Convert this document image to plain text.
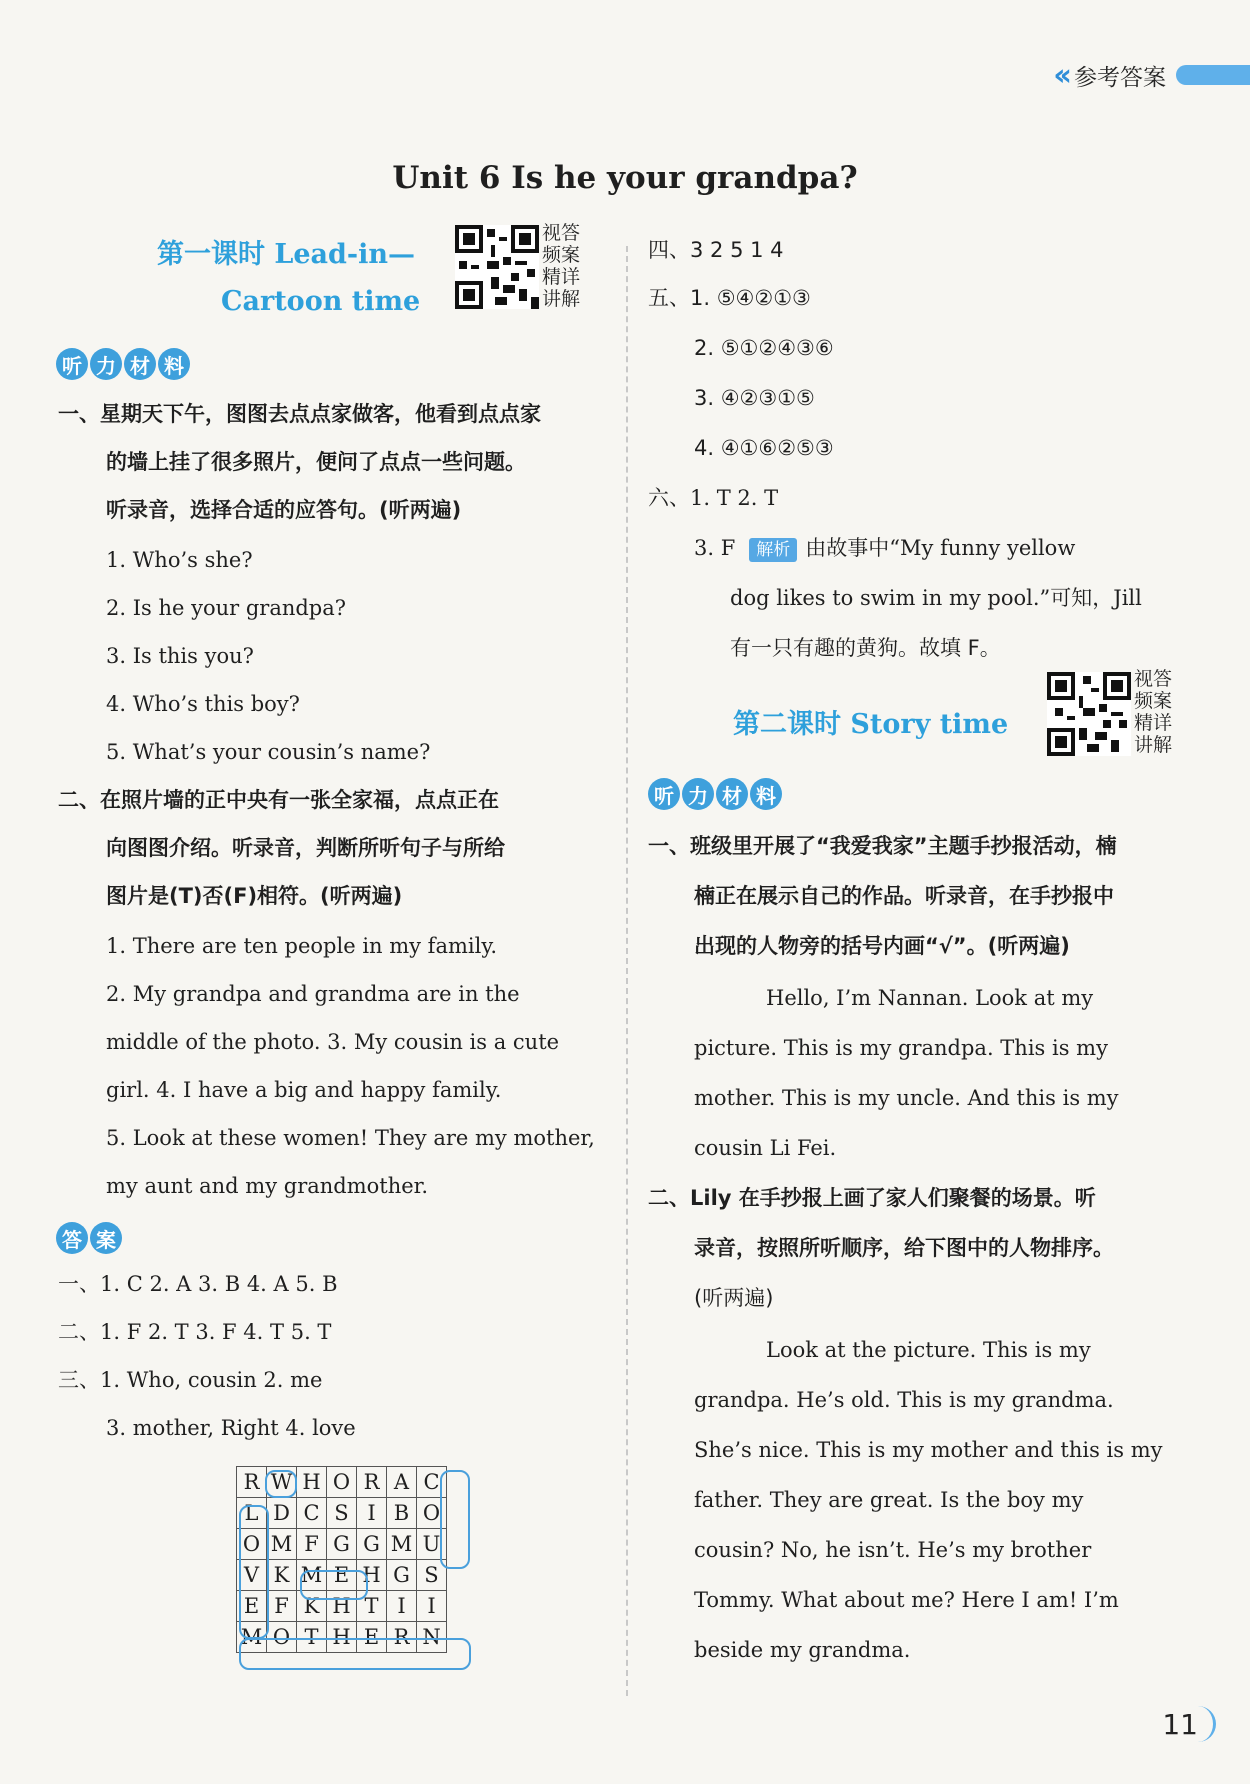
‹‹ 参考答案
Unit 6 Is he your grandpa?
第一课时 Lead-in—
Cartoon time
视答
频案
精详
讲解
听 力 材 料
一、星期天下午，图图去点点家做客，他看到点点家
的墙上挂了很多照片，便问了点点一些问题。
听录音，选择合适的应答句。(听两遍)
1. Who’s she?
2. Is he your grandpa?
3. Is this you?
4. Who’s this boy?
5. What’s your cousin’s name?
二、在照片墙的正中央有一张全家福，点点正在
向图图介绍。听录音，判断所听句子与所给
图片是(T)否(F)相符。(听两遍)
1. There are ten people in my family.
2. My grandpa and grandma are in the
middle of the photo. 3. My cousin is a cute
girl. 4. I have a big and happy family.
5. Look at these women! They are my mother,
my aunt and my grandmother.
答 案
一、1. C 2. A 3. B 4. A 5. B
二、1. F 2. T 3. F 4. T 5. T
三、1. Who, cousin 2. me
3. mother, Right 4. love
R	W	H	O	R	A	C
L	D	C	S	I	B	O
O	M	F	G	G	M	U
V	K	M	E	H	G	S
E	F	K	H	T	I	I
M	O	T	H	E	R	N
四、3 2 5 1 4
五、1. ⑤④②①③
2. ⑤①②④③⑥
3. ④②③①⑤
4. ④①⑥②⑤③
六、1. T 2. T
3. F 解析 由故事中“My funny yellow
dog likes to swim in my pool.”可知，Jill
有一只有趣的黄狗。故填 F。
第二课时 Story time
视答
频案
精详
讲解
听 力 材 料
一、班级里开展了“我爱我家”主题手抄报活动，楠
楠正在展示自己的作品。听录音，在手抄报中
出现的人物旁的括号内画“√”。(听两遍)
Hello, I’m Nannan. Look at my
picture. This is my grandpa. This is my
mother. This is my uncle. And this is my
cousin Li Fei.
二、Lily 在手抄报上画了家人们聚餐的场景。听
录音，按照所听顺序，给下图中的人物排序。
(听两遍)
Look at the picture. This is my
grandpa. He’s old. This is my grandma.
She’s nice. This is my mother and this is my
father. They are great. Is the boy my
cousin? No, he isn’t. He’s my brother
Tommy. What about me? Here I am! I’m
beside my grandma.
11
